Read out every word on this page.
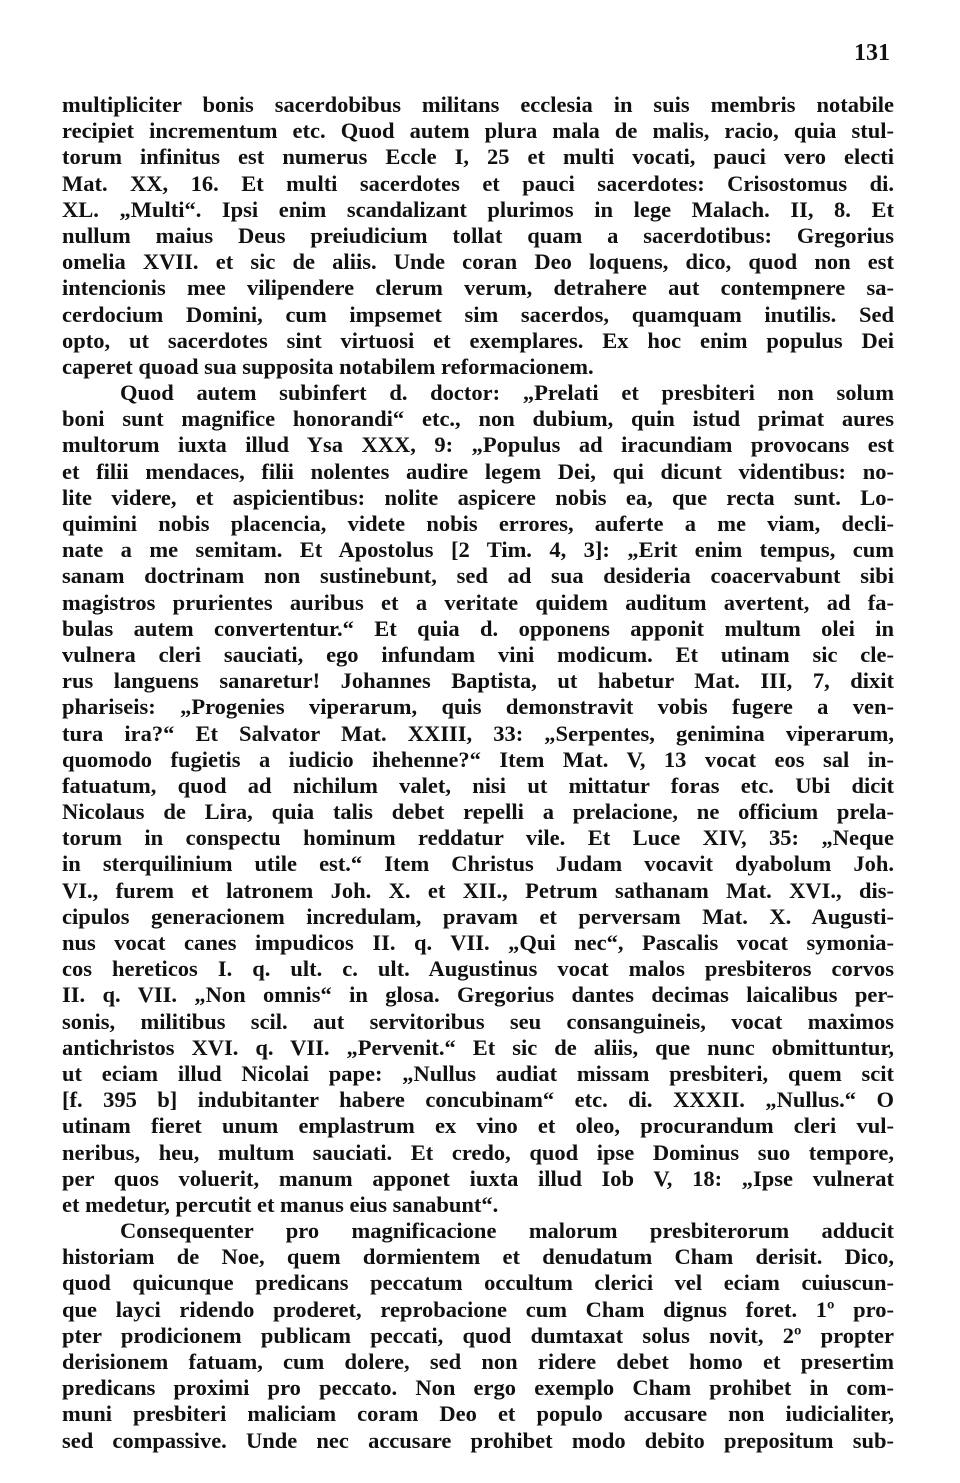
131
multipliciter bonis sacerdobibus militans ecclesia in suis membris notabile
recipiet incrementum etc. Quod autem plura mala de malis, racio, quia stul-
torum infinitus est numerus Eccle I, 25 et multi vocati, pauci vero electi
Mat. XX, 16. Et multi sacerdotes et pauci sacerdotes: Crisostomus di.
XL. „Multi“. Ipsi enim scandalizant plurimos in lege Malach. II, 8. Et
nullum maius Deus preiudicium tollat quam a sacerdotibus: Gregorius
omelia XVII. et sic de aliis. Unde coran Deo loquens, dico, quod non est
intencionis mee vilipendere clerum verum, detrahere aut contempnere sa-
cerdocium Domini, cum impsemet sim sacerdos, quamquam inutilis. Sed
opto, ut sacerdotes sint virtuosi et exemplares. Ex hoc enim populus Dei
caperet quoad sua supposita notabilem reformacionem.
Quod autem subinfert d. doctor: „Prelati et presbiteri non solum
boni sunt magnifice honorandi“ etc., non dubium, quin istud primat aures
multorum iuxta illud Ysa XXX, 9: „Populus ad iracundiam provocans est
et filii mendaces, filii nolentes audire legem Dei, qui dicunt videntibus: no-
lite videre, et aspicientibus: nolite aspicere nobis ea, que recta sunt. Lo-
quimini nobis placencia, videte nobis errores, auferte a me viam, decli-
nate a me semitam. Et Apostolus [2 Tim. 4, 3]: „Erit enim tempus, cum
sanam doctrinam non sustinebunt, sed ad sua desideria coacervabunt sibi
magistros prurientes auribus et a veritate quidem auditum avertent, ad fa-
bulas autem convertentur.“ Et quia d. opponens apponit multum olei in
vulnera cleri sauciati, ego infundam vini modicum. Et utinam sic cle-
rus languens sanaretur! Johannes Baptista, ut habetur Mat. III, 7, dixit
phariseis: „Progenies viperarum, quis demonstravit vobis fugere a ven-
tura ira?“ Et Salvator Mat. XXIII, 33: „Serpentes, genimina viperarum,
quomodo fugietis a iudicio ihehenne?“ Item Mat. V, 13 vocat eos sal in-
fatuatum, quod ad nichilum valet, nisi ut mittatur foras etc. Ubi dicit
Nicolaus de Lira, quia talis debet repelli a prelacione, ne officium prela-
torum in conspectu hominum reddatur vile. Et Luce XIV, 35: „Neque
in sterquilinium utile est.“ Item Christus Judam vocavit dyabolum Joh.
VI., furem et latronem Joh. X. et XII., Petrum sathanam Mat. XVI., dis-
cipulos generacionem incredulam, pravam et perversam Mat. X. Augusti-
nus vocat canes impudicos II. q. VII. „Qui nec“, Pascalis vocat symonia-
cos hereticos I. q. ult. c. ult. Augustinus vocat malos presbiteros corvos
II. q. VII. „Non omnis“ in glosa. Gregorius dantes decimas laicalibus per-
sonis, militibus scil. aut servitoribus seu consanguineis, vocat maximos
antichristos XVI. q. VII. „Pervenit.“ Et sic de aliis, que nunc obmittuntur,
ut eciam illud Nicolai pape: „Nullus audiat missam presbiteri, quem scit
[f. 395 b] indubitanter habere concubinam“ etc. di. XXXII. „Nullus.“ O
utinam fieret unum emplastrum ex vino et oleo, procurandum cleri vul-
neribus, heu, multum sauciati. Et credo, quod ipse Dominus suo tempore,
per quos voluerit, manum apponet iuxta illud Iob V, 18: „Ipse vulnerat
et medetur, percutit et manus eius sanabunt“.
Consequenter pro magnificacione malorum presbiterorum adducit
historiam de Noe, quem dormientem et denudatum Cham derisit. Dico,
quod quicunque predicans peccatum occultum clerici vel eciam cuiuscun-
que layci ridendo proderet, reprobacione cum Cham dignus foret. 1º pro-
pter prodicionem publicam peccati, quod dumtaxat solus novit, 2º propter
derisionem fatuam, cum dolere, sed non ridere debet homo et presertim
predicans proximi pro peccato. Non ergo exemplo Cham prohibet in com-
muni presbiteri maliciam coram Deo et populo accusare non iudicialiter,
sed compassive. Unde nec accusare prohibet modo debito prepositum sub-
